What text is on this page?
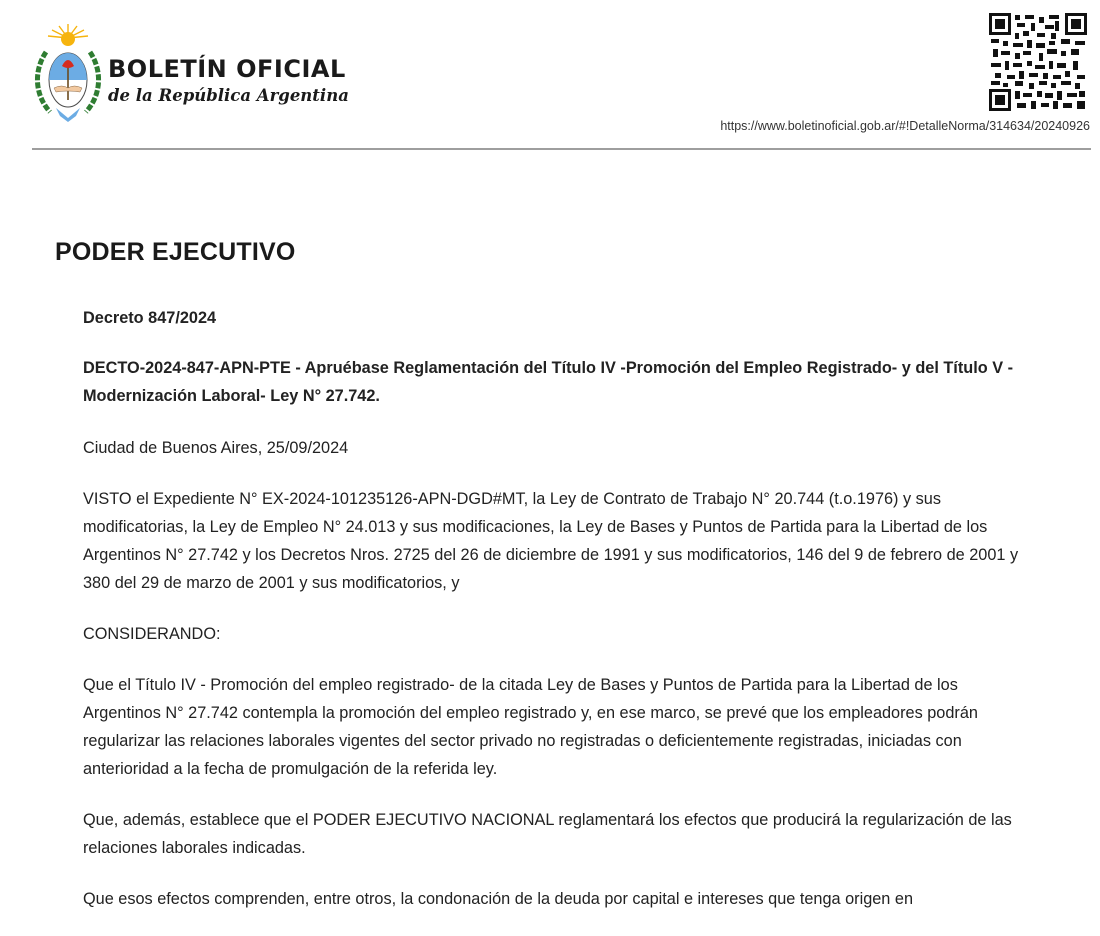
BOLETÍN OFICIAL
de la República Argentina
https://www.boletinoficial.gob.ar/#!DetalleNorma/314634/20240926
PODER EJECUTIVO

Decreto 847/2024

DECTO-2024-847-APN-PTE - Apruébase Reglamentación del Título IV -Promoción del Empleo Registrado- y del Título V -Modernización Laboral- Ley N° 27.742.

Ciudad de Buenos Aires, 25/09/2024

VISTO el Expediente N° EX-2024-101235126-APN-DGD#MT, la Ley de Contrato de Trabajo N° 20.744 (t.o.1976) y sus modificatorias, la Ley de Empleo N° 24.013 y sus modificaciones, la Ley de Bases y Puntos de Partida para la Libertad de los Argentinos N° 27.742 y los Decretos Nros. 2725 del 26 de diciembre de 1991 y sus modificatorios, 146 del 9 de febrero de 2001 y 380 del 29 de marzo de 2001 y sus modificatorios, y

CONSIDERANDO:

Que el Título IV - Promoción del empleo registrado- de la citada Ley de Bases y Puntos de Partida para la Libertad de los Argentinos N° 27.742 contempla la promoción del empleo registrado y, en ese marco, se prevé que los empleadores podrán regularizar las relaciones laborales vigentes del sector privado no registradas o deficientemente registradas, iniciadas con anterioridad a la fecha de promulgación de la referida ley.

Que, además, establece que el PODER EJECUTIVO NACIONAL reglamentará los efectos que producirá la regularización de las relaciones laborales indicadas.

Que esos efectos comprenden, entre otros, la condonación de la deuda por capital e intereses que tenga origen en
